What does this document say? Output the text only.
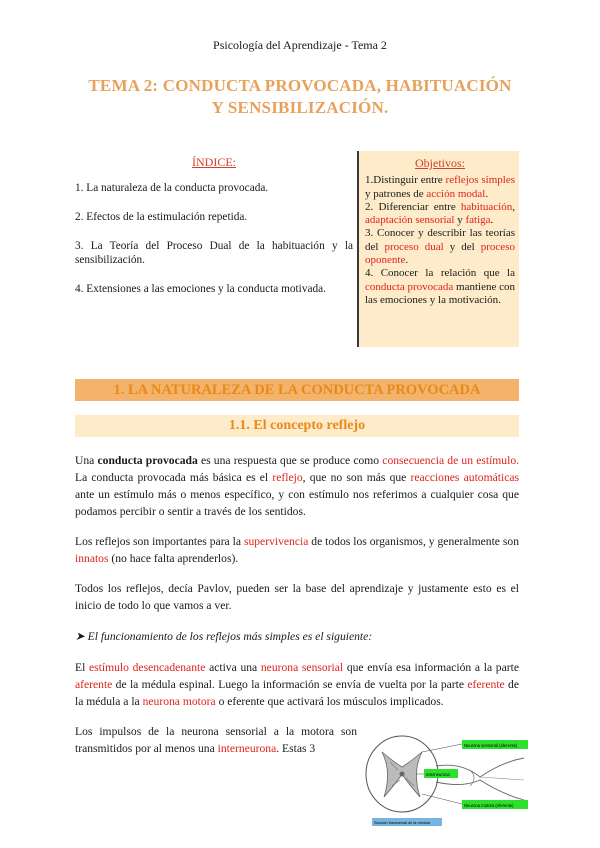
Psicología del Aprendizaje - Tema 2
TEMA 2: CONDUCTA PROVOCADA, HABITUACIÓN
Y SENSIBILIZACIÓN.
ÍNDICE:
1. La naturaleza de la conducta provocada.
2. Efectos de la estimulación repetida.
3. La Teoría del Proceso Dual de la habituación y la sensibilización.
4. Extensiones a las emociones y la conducta motivada.
Objetivos:

1.Distinguir entre reflejos simples y patrones de acción modal.

2. Diferenciar entre habituación, adaptación sensorial y fatiga.

3. Conocer y describir las teorías del proceso dual y del proceso oponente.

4. Conocer la relación que la conducta provocada mantiene con las emociones y la motivación.

1. LA NATURALEZA DE LA CONDUCTA PROVOCADA
1.1. El concepto reflejo

Una conducta provocada es una respuesta que se produce como consecuencia de un estímulo. La conducta provocada más básica es el reflejo, que no son más que reacciones automáticas ante un estímulo más o menos específico, y con estímulo nos referimos a cualquier cosa que podamos percibir o sentir a través de los sentidos.

Los reflejos son importantes para la supervivencia de todos los organismos, y generalmente son innatos (no hace falta aprenderlos).

Todos los reflejos, decía Pavlov, pueden ser la base del aprendizaje y justamente esto es el inicio de todo lo que vamos a ver.

➤ El funcionamiento de los reflejos más simples es el siguiente:

El estímulo desencadenante activa una neurona sensorial que envía esa información a la parte aferente de la médula espinal. Luego la información se envía de vuelta por la parte eferente de la médula a la neurona motora o eferente que activará los músculos implicados.

Los impulsos de la neurona sensorial a la motora son transmitidos por al menos una interneurona. Estas 3	Neurona sensorial (aferente)
Interneurona
Neurona motora (eferente)
Sección transversal de la médula
